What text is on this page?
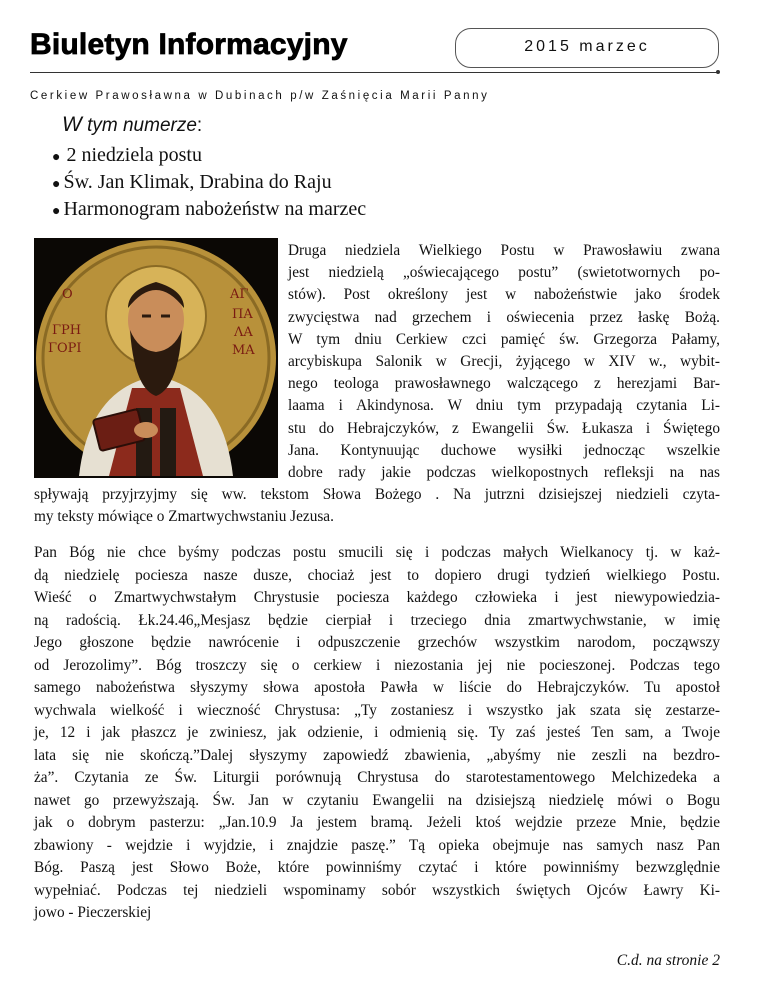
Biuletyn Informacyjny	2015 marzec
Cerkiew Prawosławna w Dubinach p/w Zaśnięcia Marii Panny
W tym numerze:
● 2 niedziela postu
● Św. Jan Klimak, Drabina do Raju
● Harmonogram nabożeństw na marzec
Ο
ΓΡΗ
ΓΟΡΙ
ΑΓ
ΠΑ
ΛΑ
ΜΑ
Druga niedziela Wielkiego Postu w Prawosławiu zwana
jest niedzielą „oświecającego postu” (swietotwornych po-
stów). Post określony jest w nabożeństwie jako środek
zwycięstwa nad grzechem i oświecenia przez łaskę Bożą.
W tym dniu Cerkiew czci pamięć św. Grzegorza Pałamy,
arcybiskupa Salonik w Grecji, żyjącego w XIV w., wybit-
nego teologa prawosławnego walczącego z herezjami Bar-
laama i Akindynosa. W dniu tym przypadają czytania Li-
stu do Hebrajczyków, z Ewangelii Św. Łukasza i Świętego
Jana. Kontynuując duchowe wysiłki jednocząc wszelkie
dobre rady jakie podczas wielkopostnych refleksji na nas
spływają przyjrzyjmy się ww. tekstom Słowa Bożego . Na jutrzni dzisiejszej niedzieli czyta-
my teksty mówiące o Zmartwychwstaniu Jezusa.
Pan Bóg nie chce byśmy podczas postu smucili się i podczas małych Wielkanocy tj. w każ-
dą niedzielę pociesza nasze dusze, chociaż jest to dopiero drugi tydzień wielkiego Postu.
Wieść o Zmartwychwstałym Chrystusie pociesza każdego człowieka i jest niewypowiedzia-
ną radością. Łk.24.46„Mesjasz będzie cierpiał i trzeciego dnia zmartwychwstanie, w imię
Jego głoszone będzie nawrócenie i odpuszczenie grzechów wszystkim narodom, począwszy
od Jerozolimy”. Bóg troszczy się o cerkiew i niezostania jej nie pocieszonej. Podczas tego
samego nabożeństwa słyszymy słowa apostoła Pawła w liście do Hebrajczyków. Tu apostoł
wychwala wielkość i wieczność Chrystusa: „Ty zostaniesz i wszystko jak szata się zestarze-
je, 12 i jak płaszcz je zwiniesz, jak odzienie, i odmienią się. Ty zaś jesteś Ten sam, a Twoje
lata się nie skończą.”Dalej słyszymy zapowiedź zbawienia, „abyśmy nie zeszli na bezdro-
ża”. Czytania ze Św. Liturgii porównują Chrystusa do starotestamentowego Melchizedeka a
nawet go przewyższają. Św. Jan w czytaniu Ewangelii na dzisiejszą niedzielę mówi o Bogu
jak o dobrym pasterzu: „Jan.10.9 Ja jestem bramą. Jeżeli ktoś wejdzie przeze Mnie, będzie
zbawiony - wejdzie i wyjdzie, i znajdzie paszę.” Tą opieka obejmuje nas samych nasz Pan
Bóg. Paszą jest Słowo Boże, które powinniśmy czytać i które powinniśmy bezwzględnie
wypełniać. Podczas tej niedzieli wspominamy sobór wszystkich świętych Ojców Ławry Ki-
jowo - Pieczerskiej
C.d. na stronie 2
